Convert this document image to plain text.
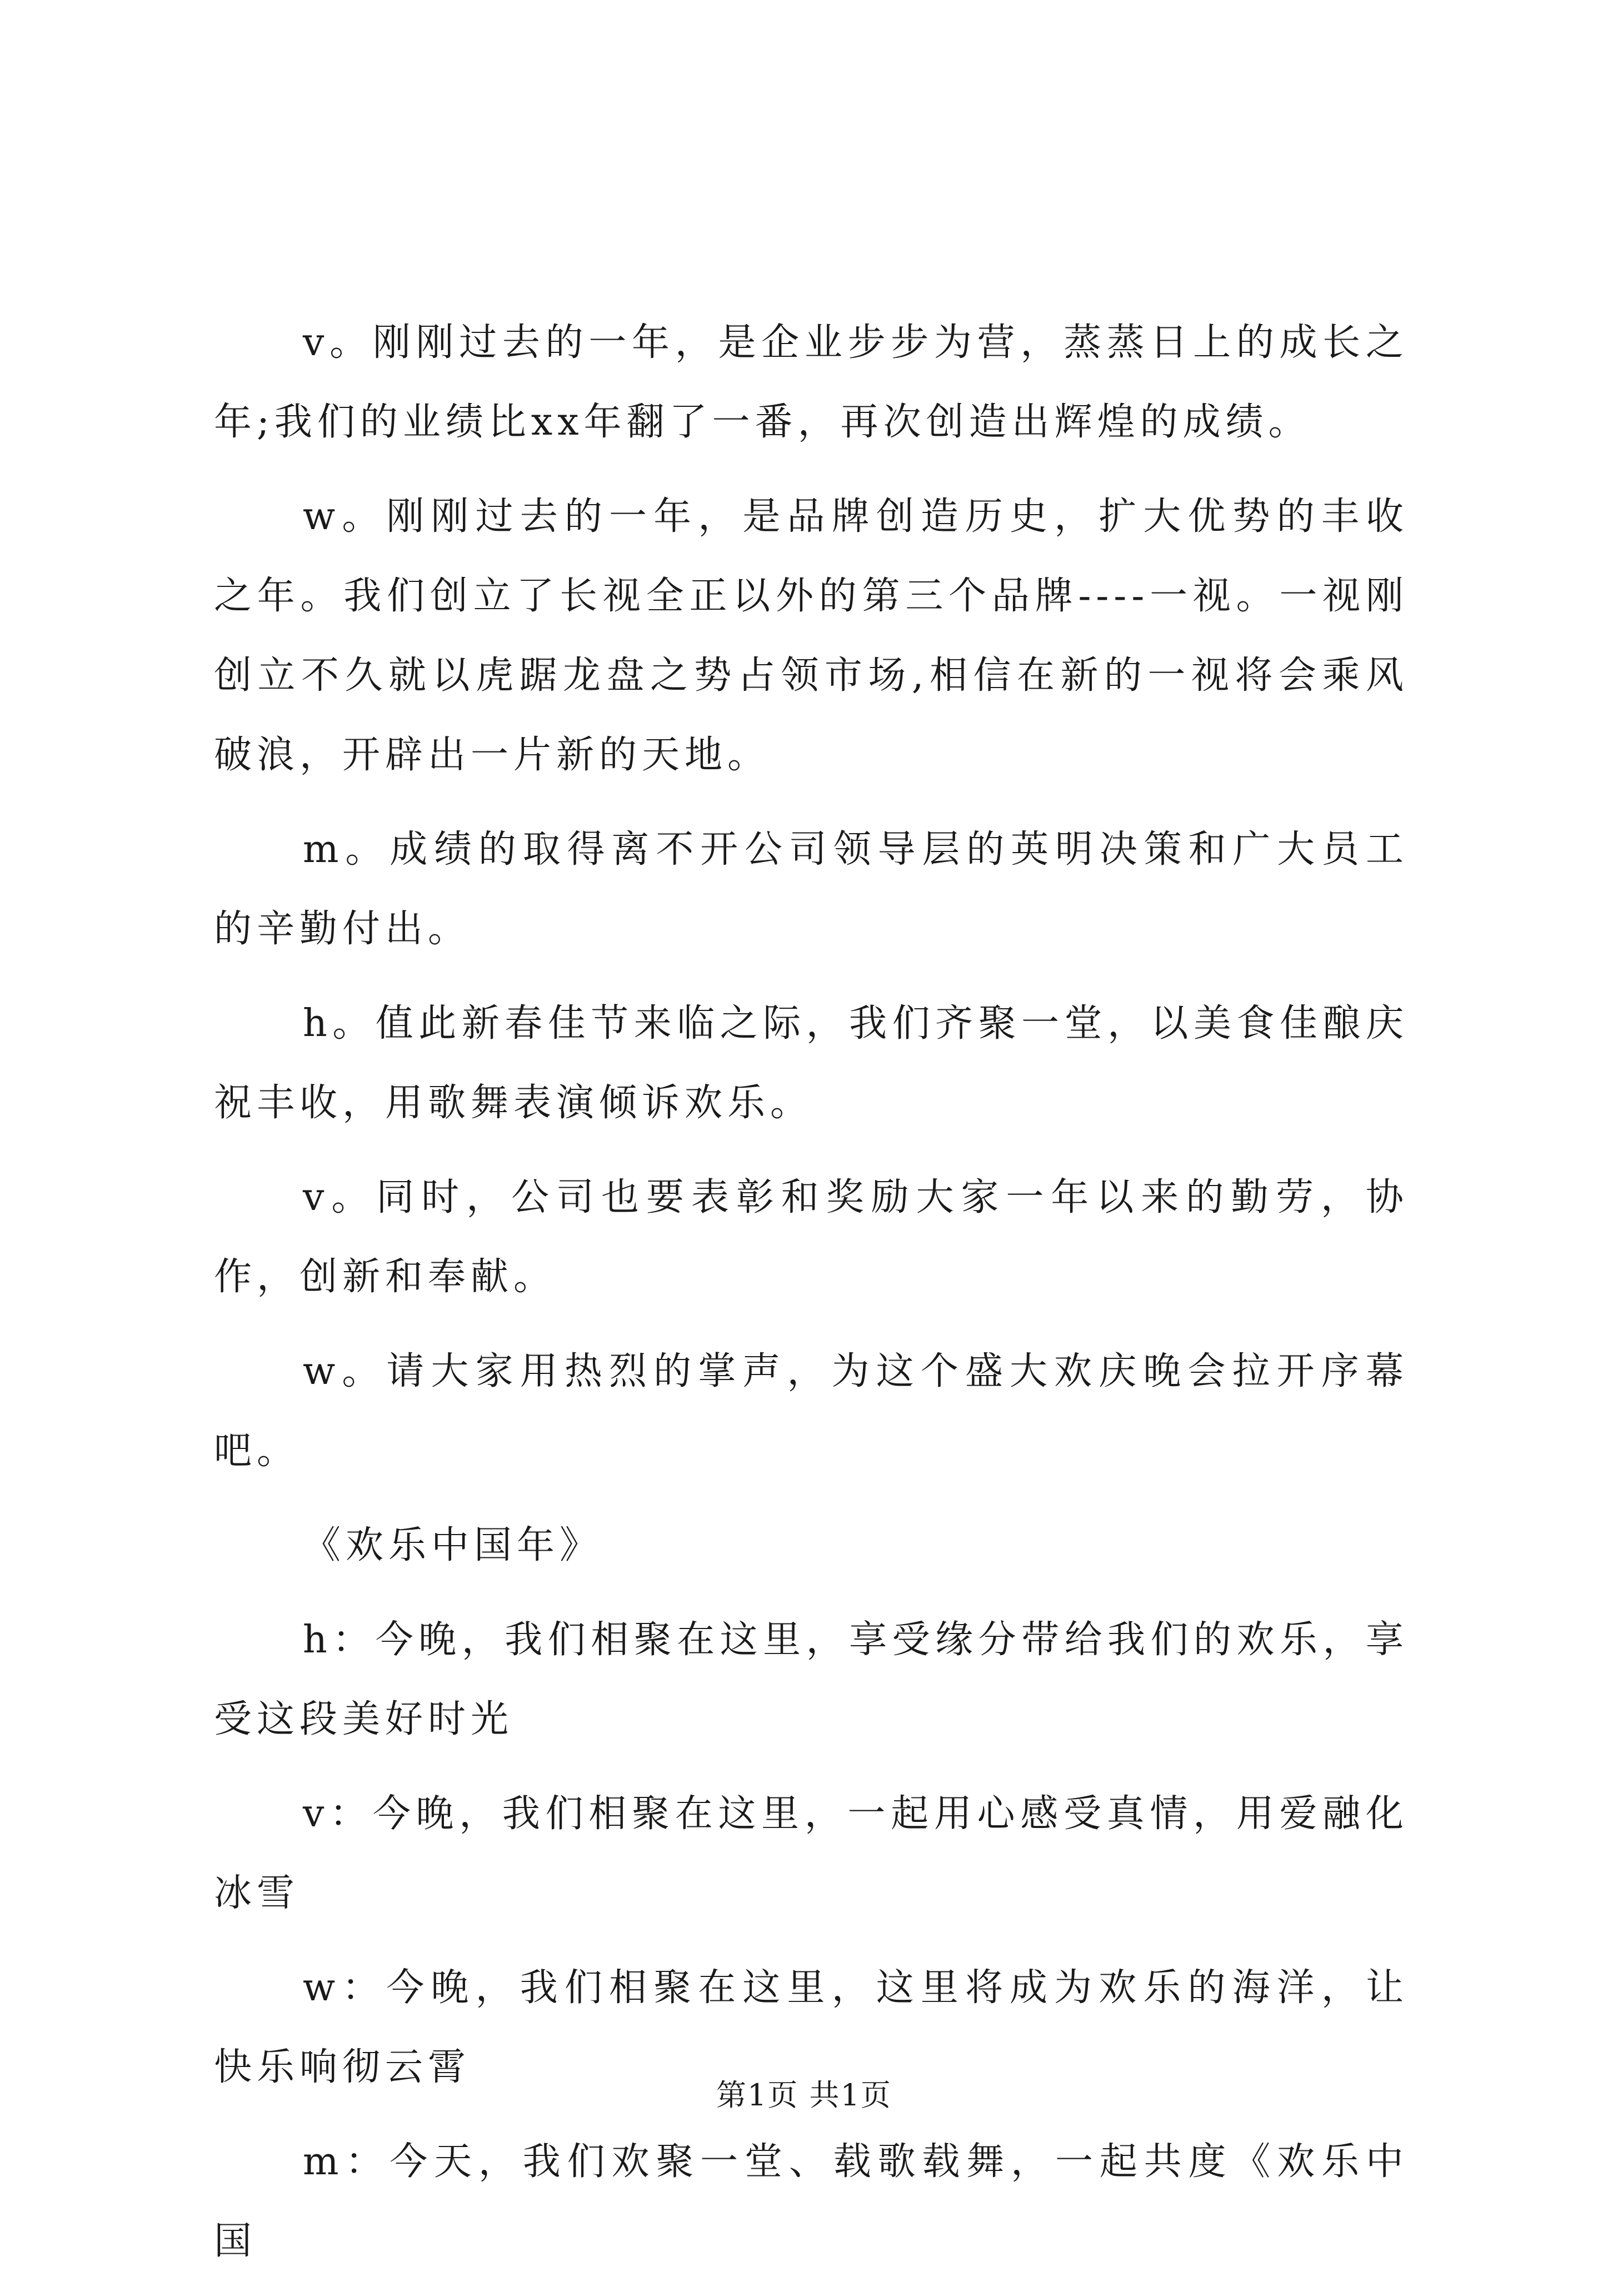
v。刚刚过去的一年，是企业步步为营，蒸蒸日上的成长之年;我们的业绩比xx年翻了一番，再次创造出辉煌的成绩。

w。刚刚过去的一年，是品牌创造历史，扩大优势的丰收之年。我们创立了长视全正以外的第三个品牌----一视。一视刚创立不久就以虎踞龙盘之势占领市场,相信在新的一视将会乘风破浪，开辟出一片新的天地。

m。成绩的取得离不开公司领导层的英明决策和广大员工的辛勤付出。

h。值此新春佳节来临之际，我们齐聚一堂，以美食佳酿庆祝丰收，用歌舞表演倾诉欢乐。

v。同时，公司也要表彰和奖励大家一年以来的勤劳，协作，创新和奉献。

w。请大家用热烈的掌声，为这个盛大欢庆晚会拉开序幕吧。

《欢乐中国年》

h：今晚，我们相聚在这里，享受缘分带给我们的欢乐，享受这段美好时光

v：今晚，我们相聚在这里，一起用心感受真情，用爱融化冰雪

w：今晚，我们相聚在这里，这里将成为欢乐的海洋，让快乐响彻云霄

m：今天，我们欢聚一堂、载歌载舞，一起共度《欢乐中国

第1页 共1页
